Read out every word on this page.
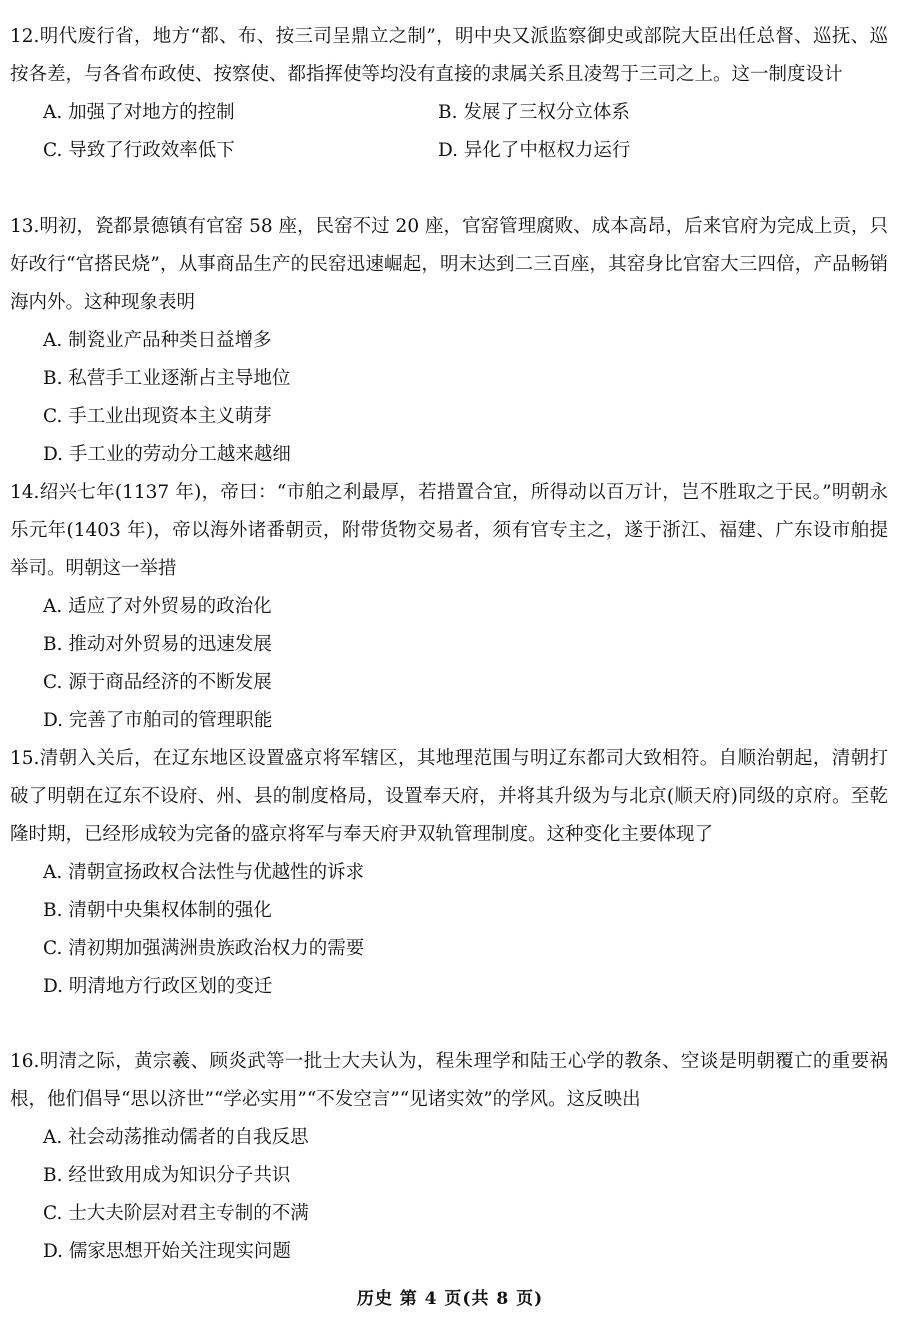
12.明代废行省，地方“都、布、按三司呈鼎立之制”，明中央又派监察御史或部院大臣出任总督、巡抚、巡按各差，与各省布政使、按察使、都指挥使等均没有直接的隶属关系且凌驾于三司之上。这一制度设计

A. 加强了对地方的控制	B. 发展了三权分立体系

C. 导致了行政效率低下	D. 异化了中枢权力运行

13.明初，瓷都景德镇有官窑 58 座，民窑不过 20 座，官窑管理腐败、成本高昂，后来官府为完成上贡，只好改行“官搭民烧”，从事商品生产的民窑迅速崛起，明末达到二三百座，其窑身比官窑大三四倍，产品畅销海内外。这种现象表明

A. 制瓷业产品种类日益增多

B. 私营手工业逐渐占主导地位

C. 手工业出现资本主义萌芽

D. 手工业的劳动分工越来越细

14.绍兴七年(1137 年)，帝曰：“市舶之利最厚，若措置合宜，所得动以百万计，岂不胜取之于民。”明朝永乐元年(1403 年)，帝以海外诸番朝贡，附带货物交易者，须有官专主之，遂于浙江、福建、广东设市舶提举司。明朝这一举措

A. 适应了对外贸易的政治化

B. 推动对外贸易的迅速发展

C. 源于商品经济的不断发展

D. 完善了市舶司的管理职能

15.清朝入关后，在辽东地区设置盛京将军辖区，其地理范围与明辽东都司大致相符。自顺治朝起，清朝打破了明朝在辽东不设府、州、县的制度格局，设置奉天府，并将其升级为与北京(顺天府)同级的京府。至乾隆时期，已经形成较为完备的盛京将军与奉天府尹双轨管理制度。这种变化主要体现了

A. 清朝宣扬政权合法性与优越性的诉求

B. 清朝中央集权体制的强化

C. 清初期加强满洲贵族政治权力的需要

D. 明清地方行政区划的变迁

16.明清之际，黄宗羲、顾炎武等一批士大夫认为，程朱理学和陆王心学的教条、空谈是明朝覆亡的重要祸根，他们倡导“思以济世”“学必实用”“不发空言”“见诸实效”的学风。这反映出

A. 社会动荡推动儒者的自我反思

B. 经世致用成为知识分子共识

C. 士大夫阶层对君主专制的不满

D. 儒家思想开始关注现实问题

历史 第 4 页(共 8 页)
